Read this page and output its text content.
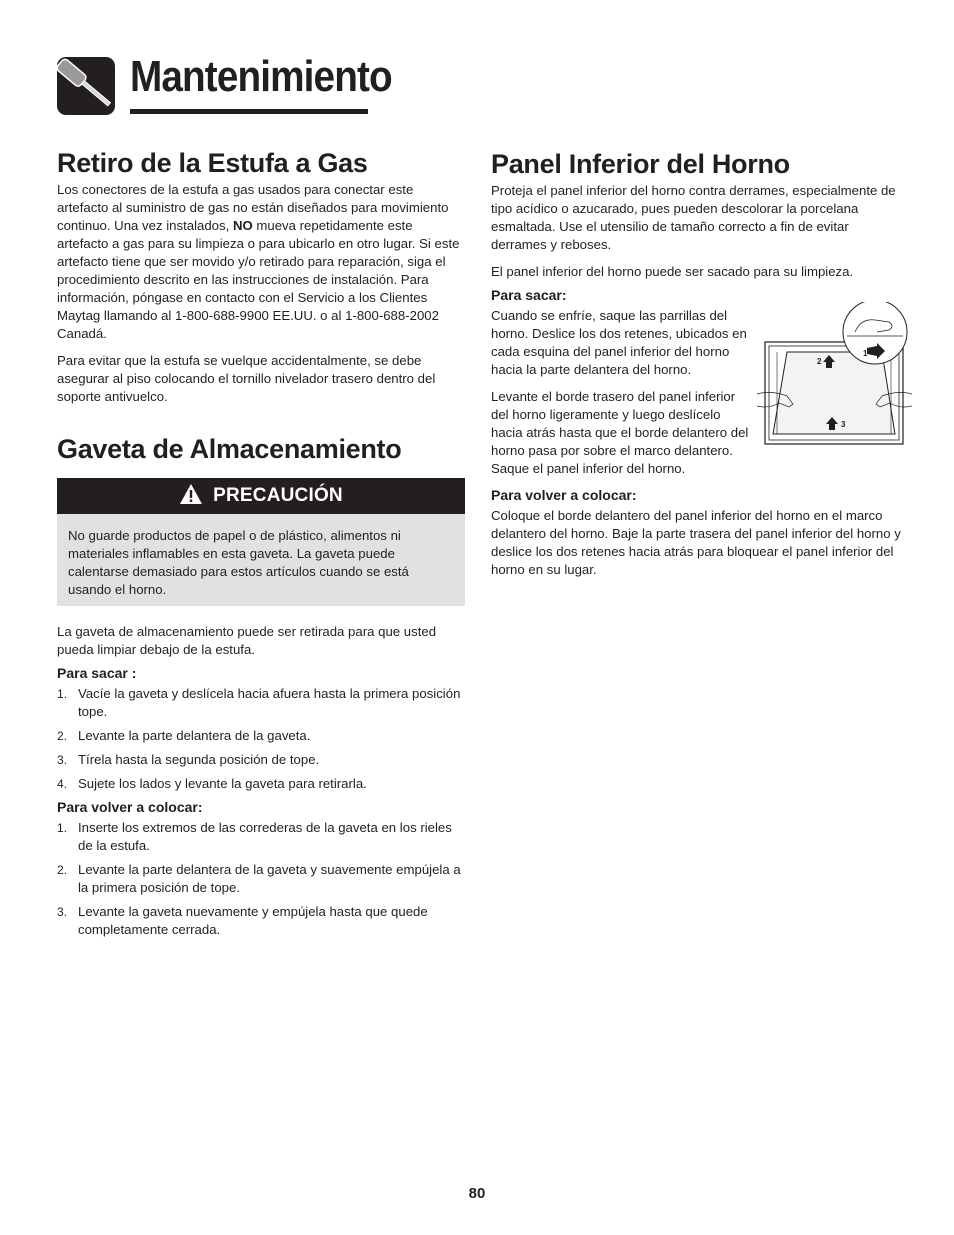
Mantenimiento
Retiro de la Estufa a Gas

Los conectores de la estufa a gas usados para conectar este artefacto al suministro de gas no están diseñados para movimiento continuo. Una vez instalados, NO mueva repetidamente este artefacto a gas para su limpieza o para ubicarlo en otro lugar. Si este artefacto tiene que ser movido y/o retirado para reparación, siga el procedimiento descrito en las instrucciones de instalación. Para información, póngase en contacto con el Servicio a los Clientes Maytag llamando al 1-800-688-9900 EE.UU. o al 1-800-688-2002 Canadá.

Para evitar que la estufa se vuelque accidentalmente, se debe asegurar al piso colocando el tornillo nivelador trasero dentro del soporte antivuelco.

Gaveta de Almacenamiento
PRECAUCIÓN

No guarde productos de papel o de plástico, alimentos ni materiales inflamables en esta gaveta. La gaveta puede calentarse demasiado para estos artículos cuando se está usando el horno.

La gaveta de almacenamiento puede ser retirada para que usted pueda limpiar debajo de la estufa.

Para sacar :
1. Vacíe la gaveta y deslícela hacia afuera hasta la primera posición tope.
2. Levante la parte delantera de la gaveta.
3. Tírela hasta la segunda posición de tope.
4. Sujete los lados y levante la gaveta para retirarla.
Para volver a colocar:
1. Inserte los extremos de las correderas de la gaveta en los rieles de la estufa.
2. Levante la parte delantera de la gaveta y suavemente empújela a la primera posición de tope.
3. Levante la gaveta nuevamente y empújela hasta que quede completamente cerrada.
Panel Inferior del Horno

Proteja el panel inferior del horno contra derrames, especialmente de tipo acídico o azucarado, pues pueden descolorar la porcelana esmaltada. Use el utensilio de tamaño correcto a fin de evitar derrames y reboses.

El panel inferior del horno puede ser sacado para su limpieza.

Para sacar:

Cuando se enfríe, saque las parrillas del horno. Deslice los dos retenes, ubicados en cada esquina del panel inferior del horno hacia la parte delantera del horno.

Levante el borde trasero del panel inferior del horno ligeramente y luego deslícelo hacia atrás hasta que el borde delantero del horno pasa por sobre el marco delantero. Saque el panel inferior del horno.

Para volver a colocar:

Coloque el borde delantero del panel inferior del horno en el marco delantero del horno. Baje la parte trasera del panel inferior del horno y deslice los dos retenes hacia atrás para bloquear el panel inferior del horno en su lugar.

1
2
3
80
